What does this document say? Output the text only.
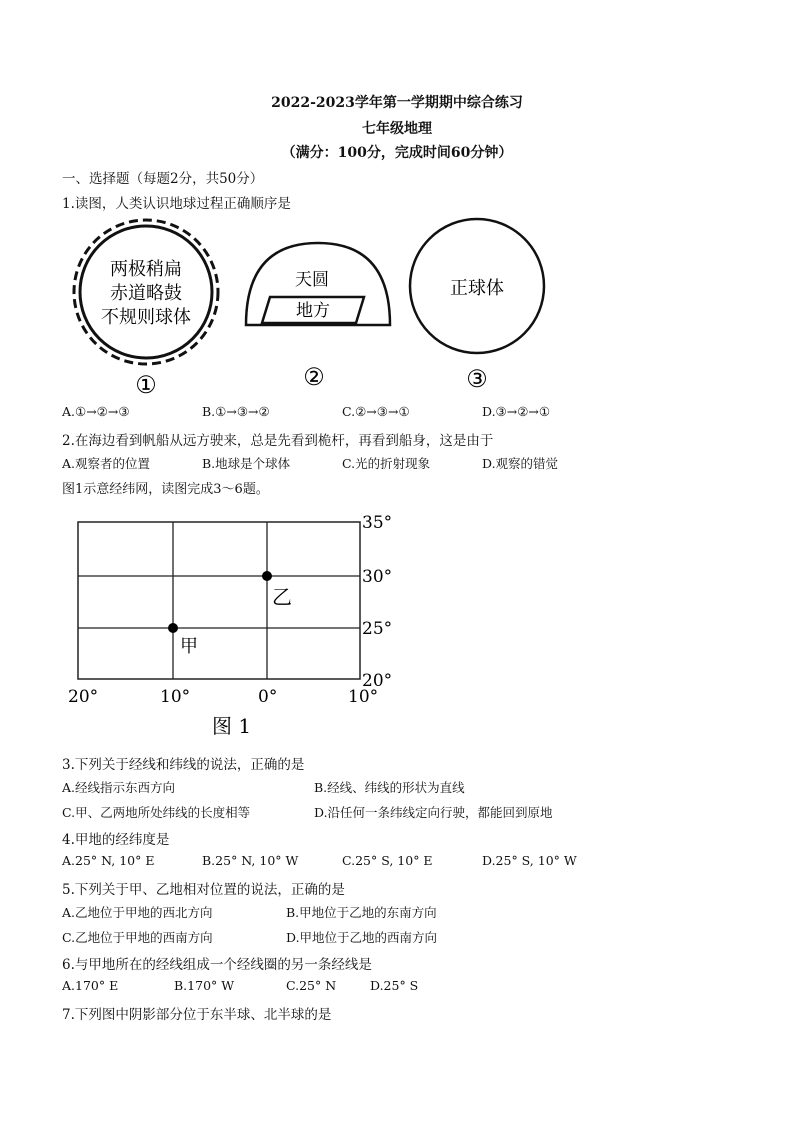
2022-2023学年第一学期期中综合练习
七年级地理
（满分：100分，完成时间60分钟）
一、选择题（每题2分，共50分）
1.读图，人类认识地球过程正确顺序是
两极稍扁
赤道略鼓
不规则球体
天圆
地方
正球体
①	②	③
A.①→②→③	B.①→③→②	C.②→③→①	D.③→②→①
2.在海边看到帆船从远方驶来，总是先看到桅杆，再看到船身，这是由于
A.观察者的位置	B.地球是个球体	C.光的折射现象	D.观察的错觉
图1示意经纬网，读图完成3～6题。
甲
乙
35°
30°
25°
20°
20°	10°	0°	10°
图 1
3.下列关于经线和纬线的说法，正确的是
A.经线指示东西方向	B.经线、纬线的形状为直线
C.甲、乙两地所处纬线的长度相等	D.沿任何一条纬线定向行驶，都能回到原地
4.甲地的经纬度是
A.25° N, 10° E	B.25° N, 10° W	C.25° S, 10° E	D.25° S, 10° W
5.下列关于甲、乙地相对位置的说法，正确的是
A.乙地位于甲地的西北方向	B.甲地位于乙地的东南方向
C.乙地位于甲地的西南方向	D.甲地位于乙地的西南方向
6.与甲地所在的经线组成一个经线圈的另一条经线是
A.170° E	B.170° W	C.25° N	D.25° S
7.下列图中阴影部分位于东半球、北半球的是
